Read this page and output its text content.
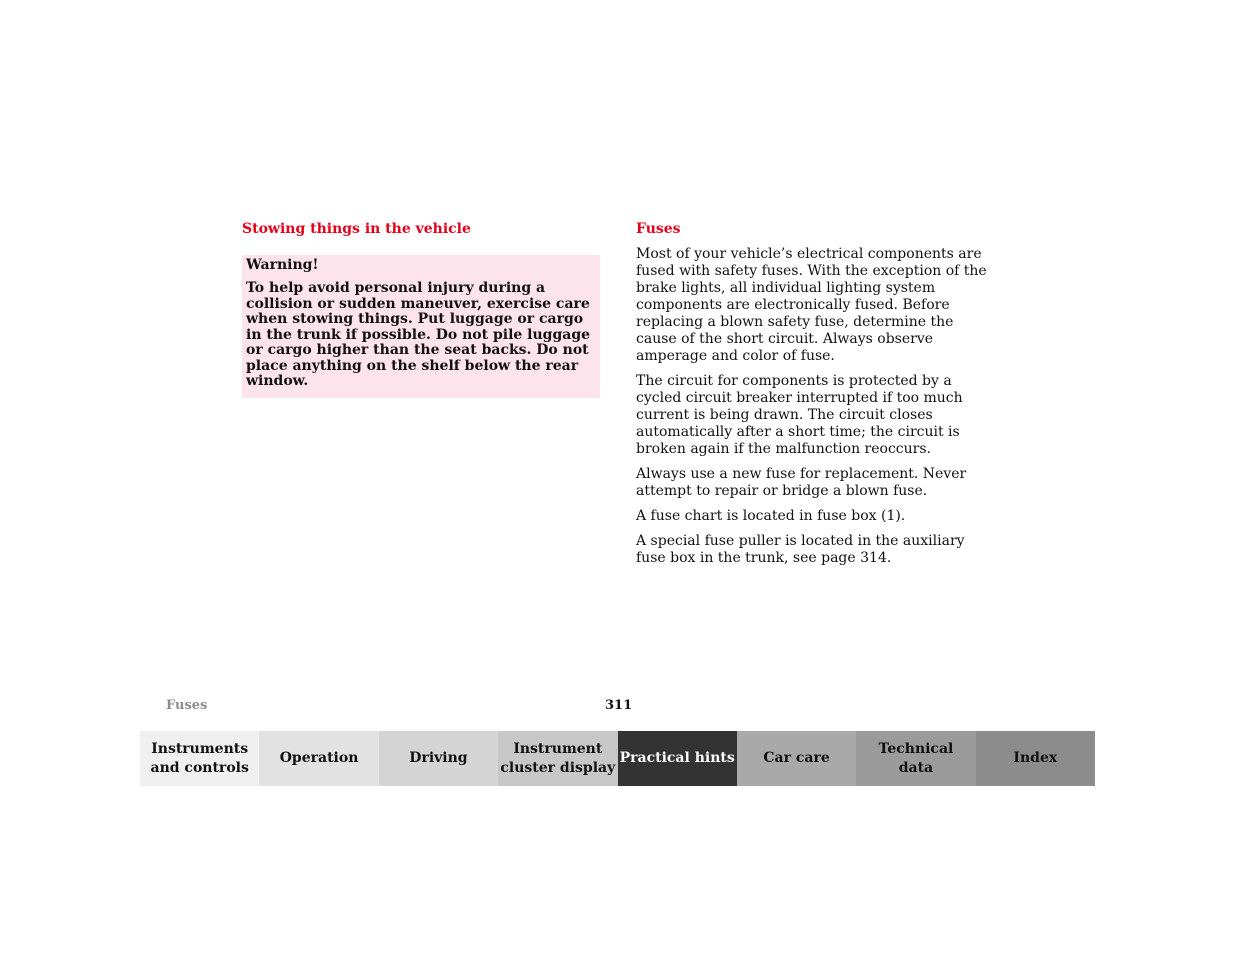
Stowing things in the vehicle

Warning!

To help avoid personal injury during a collision or sudden maneuver, exercise care when stowing things. Put luggage or cargo in the trunk if possible. Do not pile luggage or cargo higher than the seat backs. Do not place anything on the shelf below the rear window.

Fuses

Most of your vehicle’s electrical components are fused with safety fuses. With the exception of the brake lights, all individual lighting system components are electronically fused. Before replacing a blown safety fuse, determine the cause of the short circuit. Always observe amperage and color of fuse.

The circuit for components is protected by a cycled circuit breaker interrupted if too much current is being drawn. The circuit closes automatically after a short time; the circuit is broken again if the malfunction reoccurs.

Always use a new fuse for replacement. Never attempt to repair or bridge a blown fuse.

A fuse chart is located in fuse box (1).

A special fuse puller is located in the auxiliary fuse box in the trunk, see page 314.

Fuses	311
Instruments
and controls
Operation	Driving
Instrument
cluster display
Practical hints Car care
Technical
data
Index
